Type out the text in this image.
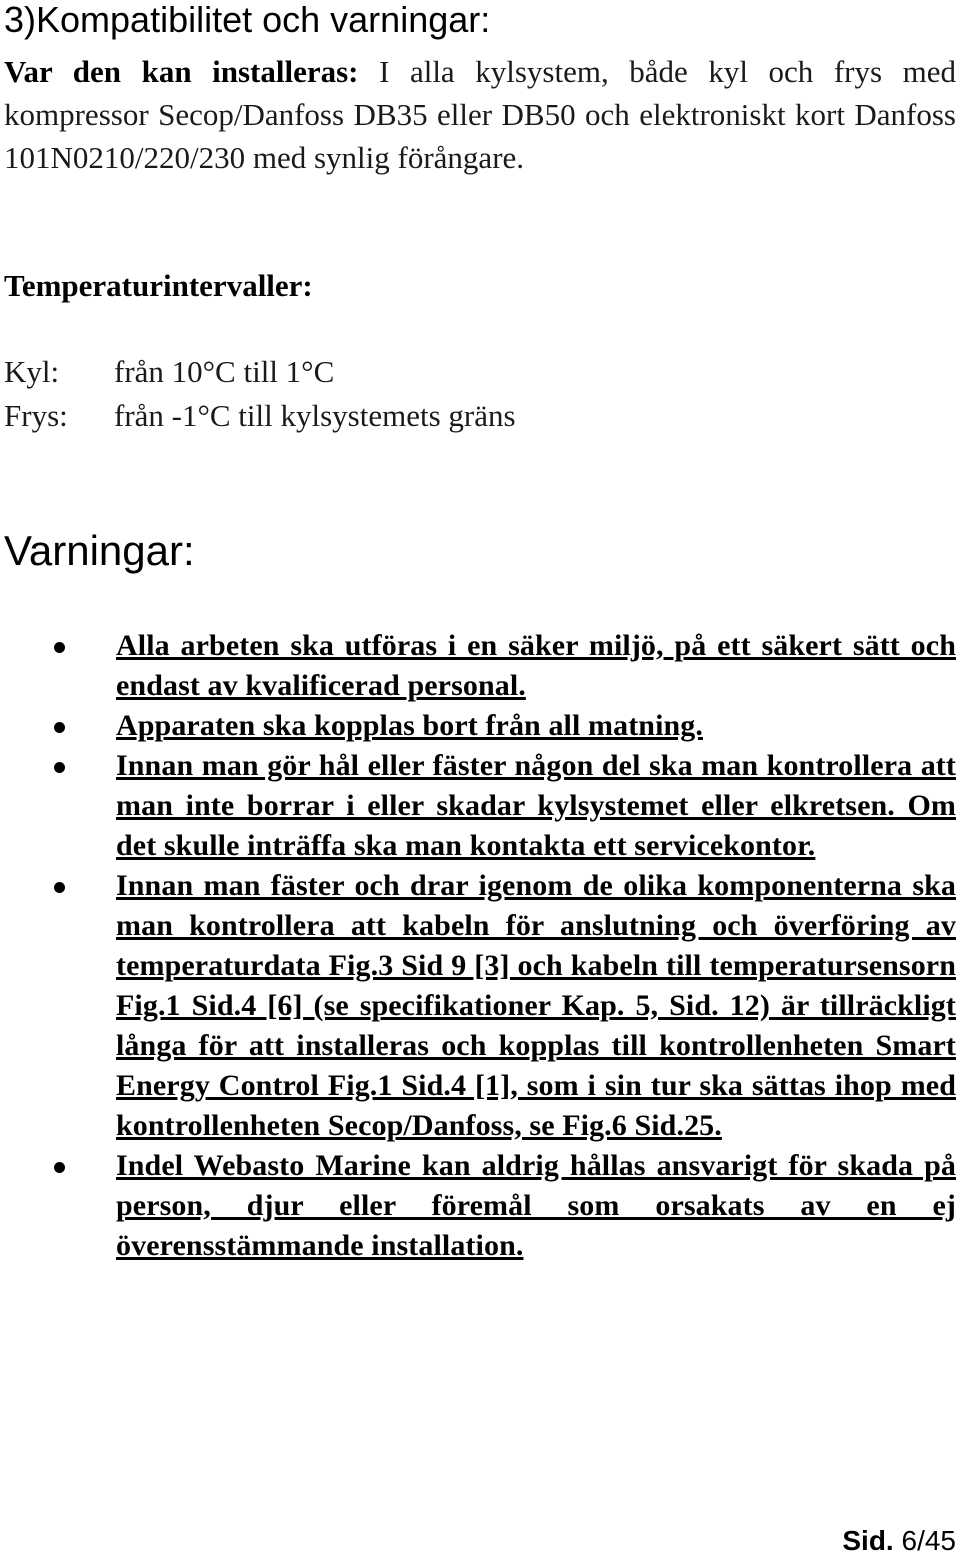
3)Kompatibilitet och varningar:
Var den kan installeras: I alla kylsystem, både kyl och frys med kompressor Secop/Danfoss DB35 eller DB50 och elektroniskt kort Danfoss 101N0210/220/230 med synlig förångare.
Temperaturintervaller:
Kyl: från 10°C till 1°C
Frys: från -1°C till kylsystemets gräns
Varningar:
Alla arbeten ska utföras i en säker miljö, på ett säkert sätt och endast av kvalificerad personal.
Apparaten ska kopplas bort från all matning.
Innan man gör hål eller fäster någon del ska man kontrollera att man inte borrar i eller skadar kylsystemet eller elkretsen. Om det skulle inträffa ska man kontakta ett servicekontor.
Innan man fäster och drar igenom de olika komponenterna ska man kontrollera att kabeln för anslutning och överföring av temperaturdata Fig.3 Sid 9 [3] och kabeln till temperatursensorn Fig.1 Sid.4 [6] (se specifikationer Kap. 5, Sid. 12) är tillräckligt långa för att installeras och kopplas till kontrollenheten Smart Energy Control Fig.1 Sid.4 [1], som i sin tur ska sättas ihop med kontrollenheten Secop/Danfoss, se Fig.6 Sid.25.
Indel Webasto Marine kan aldrig hållas ansvarigt för skada på person, djur eller föremål som orsakats av en ej överensstämmande installation.
Sid. 6/45
